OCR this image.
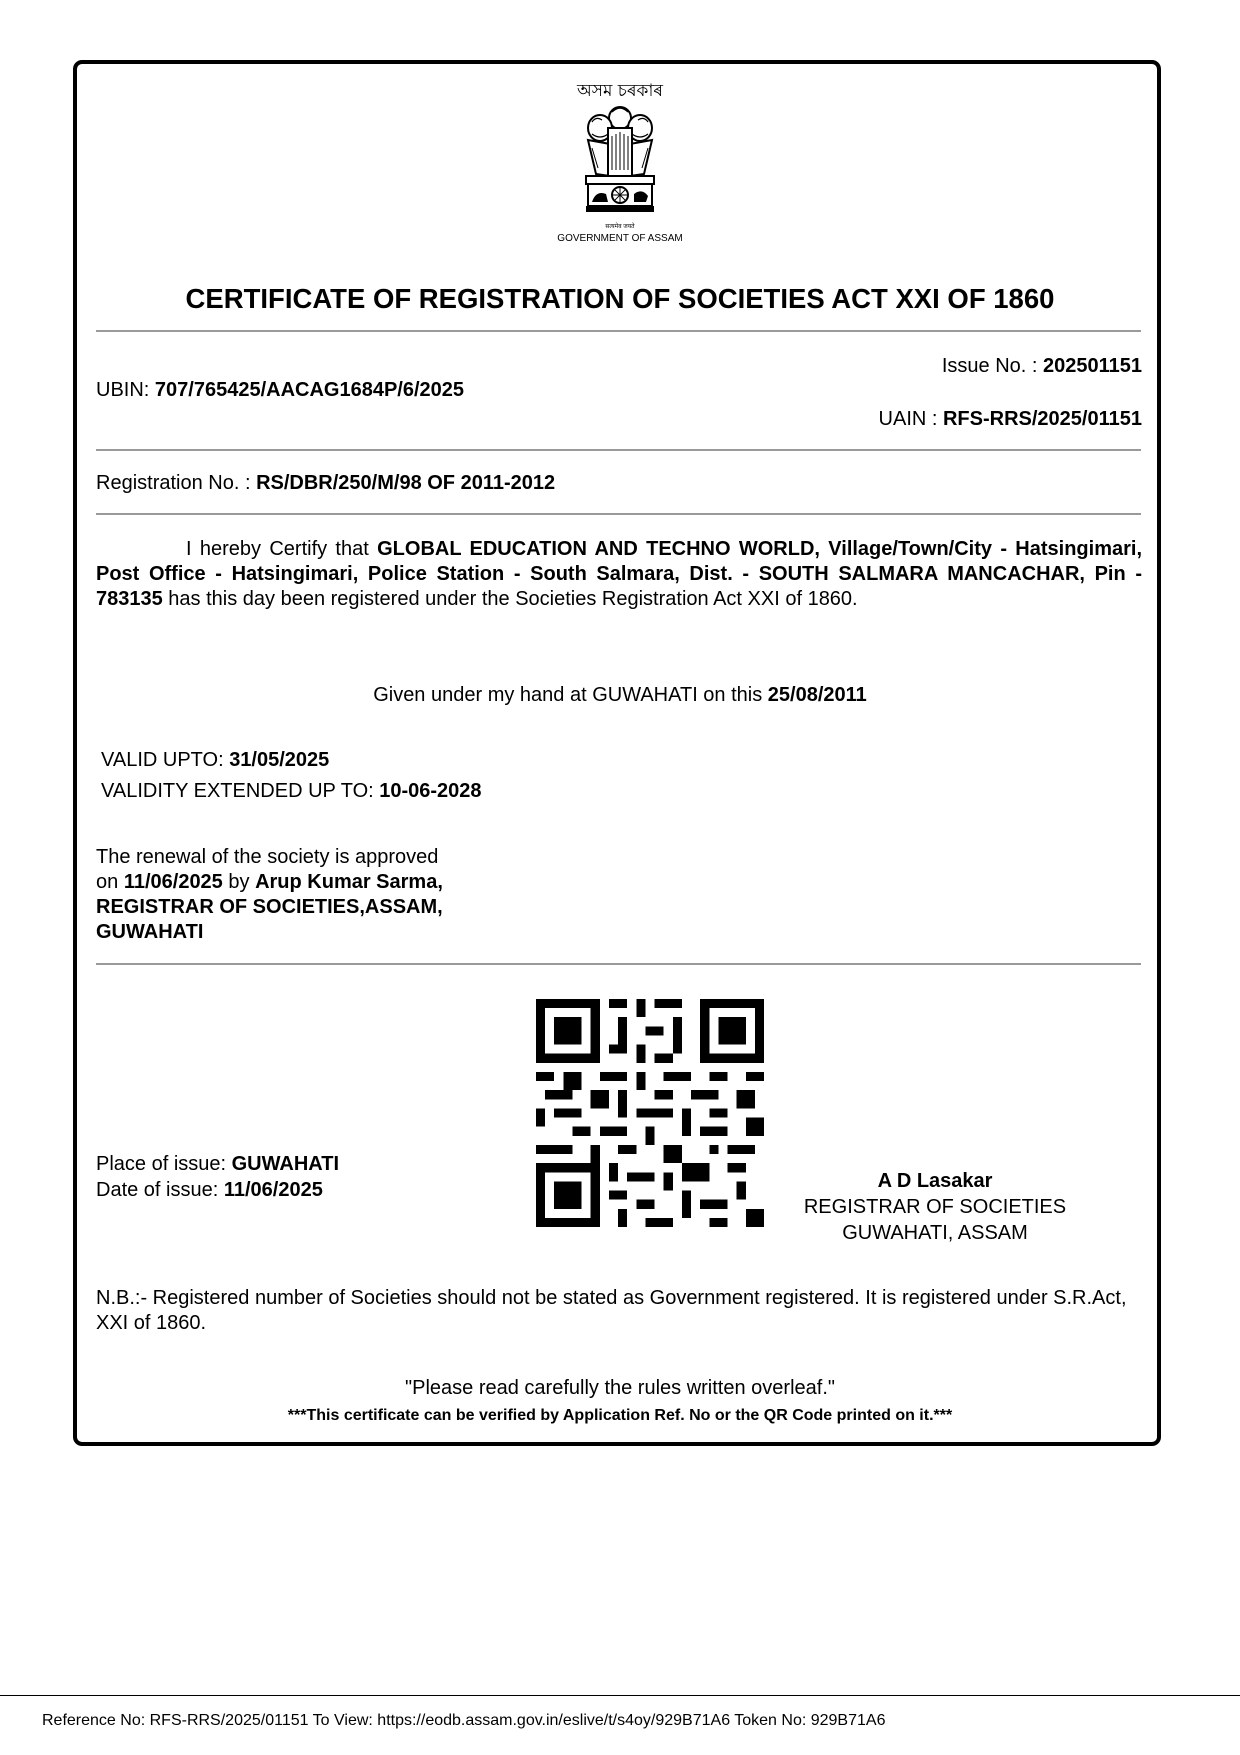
অসম চৰকাৰ
सत्यमेव जयते
GOVERNMENT OF ASSAM
CERTIFICATE OF REGISTRATION OF SOCIETIES ACT XXI OF 1860
Issue No. : 202501151
UBIN: 707/765425/AACAG1684P/6/2025
UAIN : RFS-RRS/2025/01151
Registration No. : RS/DBR/250/M/98 OF 2011-2012
I hereby Certify that GLOBAL EDUCATION AND TECHNO WORLD, Village/Town/City - Hatsingimari, Post Office - Hatsingimari, Police Station - South Salmara, Dist. - SOUTH SALMARA MANCACHAR, Pin - 783135 has this day been registered under the Societies Registration Act XXI of 1860.
Given under my hand at GUWAHATI on this 25/08/2011
VALID UPTO: 31/05/2025
VALIDITY EXTENDED UP TO: 10-06-2028
The renewal of the society is approved
on 11/06/2025 by Arup Kumar Sarma,
REGISTRAR OF SOCIETIES,ASSAM,
GUWAHATI
Place of issue: GUWAHATI
Date of issue: 11/06/2025	A D Lasakar
REGISTRAR OF SOCIETIES
GUWAHATI, ASSAM
N.B.:- Registered number of Societies should not be stated as Government registered. It is registered under S.R.Act, XXI of 1860.
"Please read carefully the rules written overleaf."
***This certificate can be verified by Application Ref. No or the QR Code printed on it.***
Reference No: RFS-RRS/2025/01151 To View: https://eodb.assam.gov.in/eslive/t/s4oy/929B71A6 Token No: 929B71A6
